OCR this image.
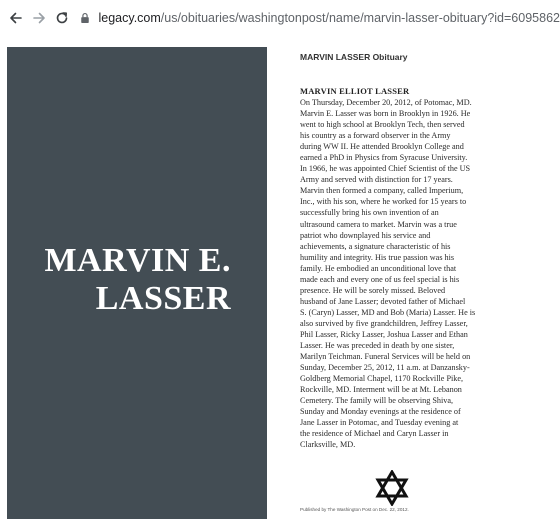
legacy.com /us/obituaries/washingtonpost/name/marvin-lasser-obituary?id=6095862
MARVIN E.
LASSER
MARVIN LASSER Obituary
MARVIN ELLIOT LASSER

On Thursday, December 20, 2012, of Potomac, MD.
Marvin E. Lasser was born in Brooklyn in 1926. He
went to high school at Brooklyn Tech, then served
his country as a forward observer in the Army
during WW II. He attended Brooklyn College and
earned a PhD in Physics from Syracuse University.
In 1966, he was appointed Chief Scientist of the US
Army and served with distinction for 17 years.
Marvin then formed a company, called Imperium,
Inc., with his son, where he worked for 15 years to
successfully bring his own invention of an
ultrasound camera to market. Marvin was a true
patriot who downplayed his service and
achievements, a signature characteristic of his
humility and integrity. His true passion was his
family. He embodied an unconditional love that
made each and every one of us feel special is his
presence. He will be sorely missed. Beloved
husband of Jane Lasser; devoted father of Michael
S. (Caryn) Lasser, MD and Bob (Maria) Lasser. He is
also survived by five grandchildren, Jeffrey Lasser,
Phil Lasser, Ricky Lasser, Joshua Lasser and Ethan
Lasser. He was preceded in death by one sister,
Marilyn Teichman. Funeral Services will be held on
Sunday, December 25, 2012, 11 a.m. at Danzansky-
Goldberg Memorial Chapel, 1170 Rockville Pike,
Rockville, MD. Interment will be at Mt. Lebanon
Cemetery. The family will be observing Shiva,
Sunday and Monday evenings at the residence of
Jane Lasser in Potomac, and Tuesday evening at
the residence of Michael and Caryn Lasser in
Clarksville, MD.

Published by The Washington Post on Dec. 22, 2012.
